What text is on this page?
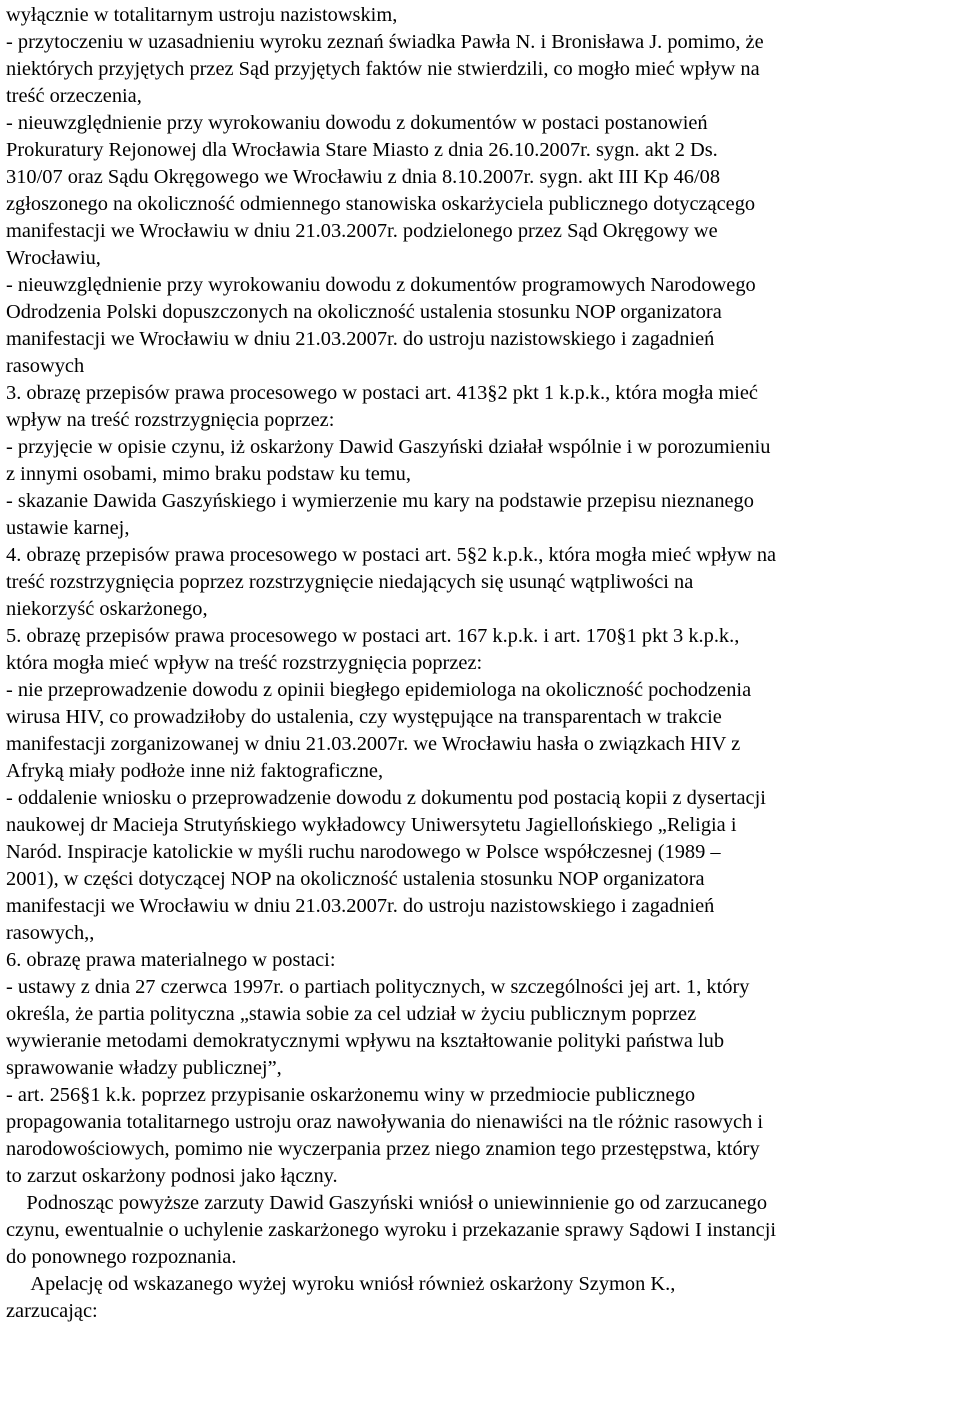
wyłącznie w totalitarnym ustroju nazistowskim,
- przytoczeniu w uzasadnieniu wyroku zeznań świadka Pawła N. i Bronisława J. pomimo, że
niektórych przyjętych przez Sąd przyjętych faktów nie stwierdzili, co mogło mieć wpływ na
treść orzeczenia,
- nieuwzględnienie przy wyrokowaniu dowodu z dokumentów w postaci postanowień
Prokuratury Rejonowej dla Wrocławia Stare Miasto z dnia 26.10.2007r. sygn. akt 2 Ds.
310/07 oraz Sądu Okręgowego we Wrocławiu z dnia 8.10.2007r. sygn. akt III Kp 46/08
zgłoszonego na okoliczność odmiennego stanowiska oskarżyciela publicznego dotyczącego
manifestacji we Wrocławiu w dniu 21.03.2007r. podzielonego przez Sąd Okręgowy we
Wrocławiu,
- nieuwzględnienie przy wyrokowaniu dowodu z dokumentów programowych Narodowego
Odrodzenia Polski dopuszczonych na okoliczność ustalenia stosunku NOP organizatora
manifestacji we Wrocławiu w dniu 21.03.2007r. do ustroju nazistowskiego i zagadnień
rasowych
3. obrazę przepisów prawa procesowego w postaci art. 413§2 pkt 1 k.p.k., która mogła mieć
wpływ na treść rozstrzygnięcia poprzez:
- przyjęcie w opisie czynu, iż oskarżony Dawid Gaszyński działał wspólnie i w porozumieniu
z innymi osobami, mimo braku podstaw ku temu,
- skazanie Dawida Gaszyńskiego i wymierzenie mu kary na podstawie przepisu nieznanego
ustawie karnej,
4. obrazę przepisów prawa procesowego w postaci art. 5§2 k.p.k., która mogła mieć wpływ na
treść rozstrzygnięcia poprzez rozstrzygnięcie niedających się usunąć wątpliwości na
niekorzyść oskarżonego,
5. obrazę przepisów prawa procesowego w postaci art. 167 k.p.k. i art. 170§1 pkt 3 k.p.k.,
która mogła mieć wpływ na treść rozstrzygnięcia poprzez:
- nie przeprowadzenie dowodu z opinii biegłego epidemiologa na okoliczność pochodzenia
wirusa HIV, co prowadziłoby do ustalenia, czy występujące na transparentach w trakcie
manifestacji zorganizowanej w dniu 21.03.2007r. we Wrocławiu hasła o związkach HIV z
Afryką miały podłoże inne niż faktograficzne,
- oddalenie wniosku o przeprowadzenie dowodu z dokumentu pod postacią kopii z dysertacji
naukowej dr Macieja Strutyńskiego wykładowcy Uniwersytetu Jagiellońskiego „Religia i
Naród. Inspiracje katolickie w myśli ruchu narodowego w Polsce współczesnej (1989 –
2001), w części dotyczącej NOP na okoliczność ustalenia stosunku NOP organizatora
manifestacji we Wrocławiu w dniu 21.03.2007r. do ustroju nazistowskiego i zagadnień
rasowych,,
6. obrazę prawa materialnego w postaci:
- ustawy z dnia 27 czerwca 1997r. o partiach politycznych, w szczególności jej art. 1, który
określa, że partia polityczna „stawia sobie za cel udział w życiu publicznym poprzez
wywieranie metodami demokratycznymi wpływu na kształtowanie polityki państwa lub
sprawowanie władzy publicznej”,
- art. 256§1 k.k. poprzez przypisanie oskarżonemu winy w przedmiocie publicznego
propagowania totalitarnego ustroju oraz nawoływania do nienawiści na tle różnic rasowych i
narodowościowych, pomimo nie wyczerpania przez niego znamion tego przestępstwa, który
to zarzut oskarżony podnosi jako łączny.
Podnosząc powyższe zarzuty Dawid Gaszyński wniósł o uniewinnienie go od zarzucanego
czynu, ewentualnie o uchylenie zaskarżonego wyroku i przekazanie sprawy Sądowi I instancji
do ponownego rozpoznania.
Apelację od wskazanego wyżej wyroku wniósł również oskarżony Szymon K.,
zarzucając:
